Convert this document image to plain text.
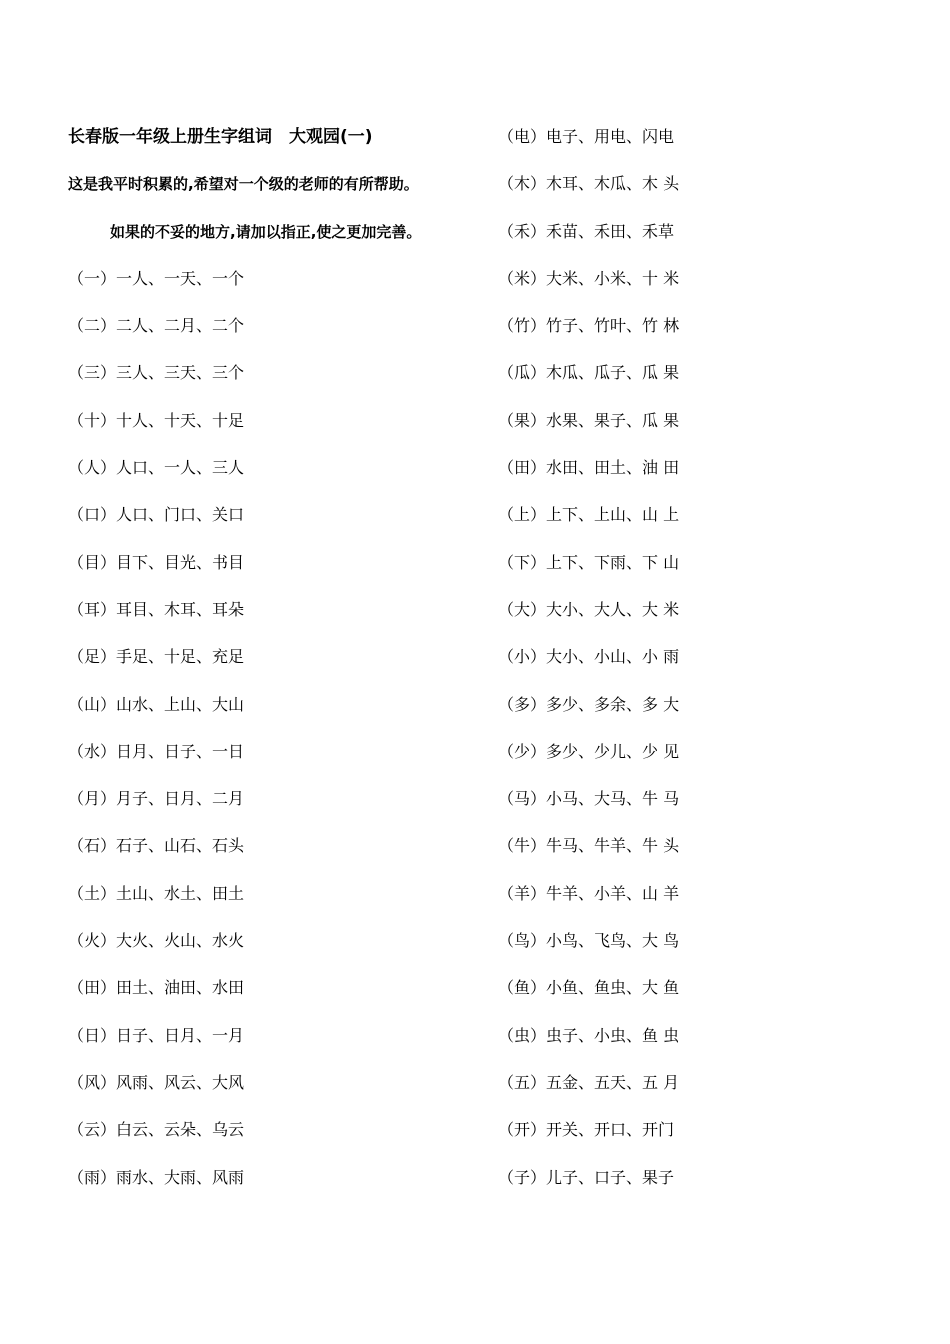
长春版一年级上册生字组词　大观园(一)
这是我平时积累的,希望对一个级的老师的有所帮助。
如果的不妥的地方,请加以指正,使之更加完善。
（一）一人、一天、一个
（二）二人、二月、二个
（三）三人、三天、三个
（十）十人、十天、十足
（人）人口、一人、三人
（口）人口、门口、关口
（目）目下、目光、书目
（耳）耳目、木耳、耳朵
（足）手足、十足、充足
（山）山水、上山、大山
（水）日月、日子、一日
（月）月子、日月、二月
（石）石子、山石、石头
（土）土山、水土、田土
（火）大火、火山、水火
（田）田土、油田、水田
（日）日子、日月、一月
（风）风雨、风云、大风
（云）白云、云朵、乌云
（雨）雨水、大雨、风雨
（电）电子、用电、闪电
（木）木耳、木瓜、木 头
（禾）禾苗、禾田、禾草
（米）大米、小米、十 米
（竹）竹子、竹叶、竹 林
（瓜）木瓜、瓜子、瓜 果
（果）水果、果子、瓜 果
（田）水田、田土、油 田
（上）上下、上山、山 上
（下）上下、下雨、下 山
（大）大小、大人、大 米
（小）大小、小山、小 雨
（多）多少、多余、多 大
（少）多少、少儿、少 见
（马）小马、大马、牛 马
（牛）牛马、牛羊、牛 头
（羊）牛羊、小羊、山 羊
（鸟）小鸟、飞鸟、大 鸟
（鱼）小鱼、鱼虫、大 鱼
（虫）虫子、小虫、鱼 虫
（五）五金、五天、五 月
（开）开关、开口、开门
（子）儿子、口子、果子
